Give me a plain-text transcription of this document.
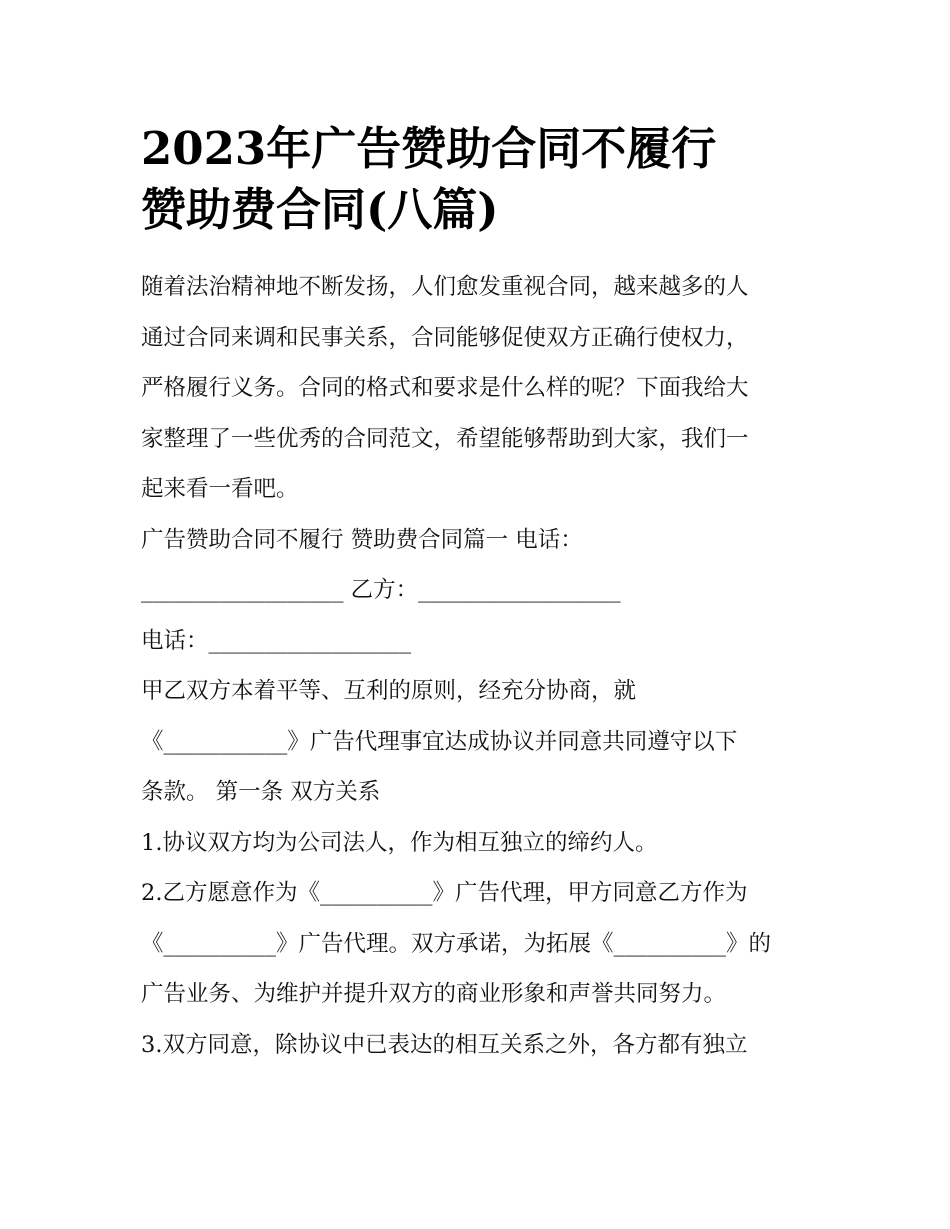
2023年广告赞助合同不履行

赞助费合同(八篇)

随着法治精神地不断发扬，人们愈发重视合同，越来越多的人

通过合同来调和民事关系，合同能够促使双方正确行使权力，

严格履行义务。合同的格式和要求是什么样的呢？下面我给大

家整理了一些优秀的合同范文，希望能够帮助到大家，我们一

起来看一看吧。

广告赞助合同不履行 赞助费合同篇一 电话：

__________________ 乙方：__________________

电话：__________________

甲乙双方本着平等、互利的原则，经充分协商，就

《___________》广告代理事宜达成协议并同意共同遵守以下

条款。 第一条 双方关系

1.协议双方均为公司法人，作为相互独立的缔约人。

2.乙方愿意作为《__________》广告代理，甲方同意乙方作为

《__________》广告代理。双方承诺，为拓展《__________》的

广告业务、为维护并提升双方的商业形象和声誉共同努力。

3.双方同意，除协议中已表达的相互关系之外，各方都有独立
